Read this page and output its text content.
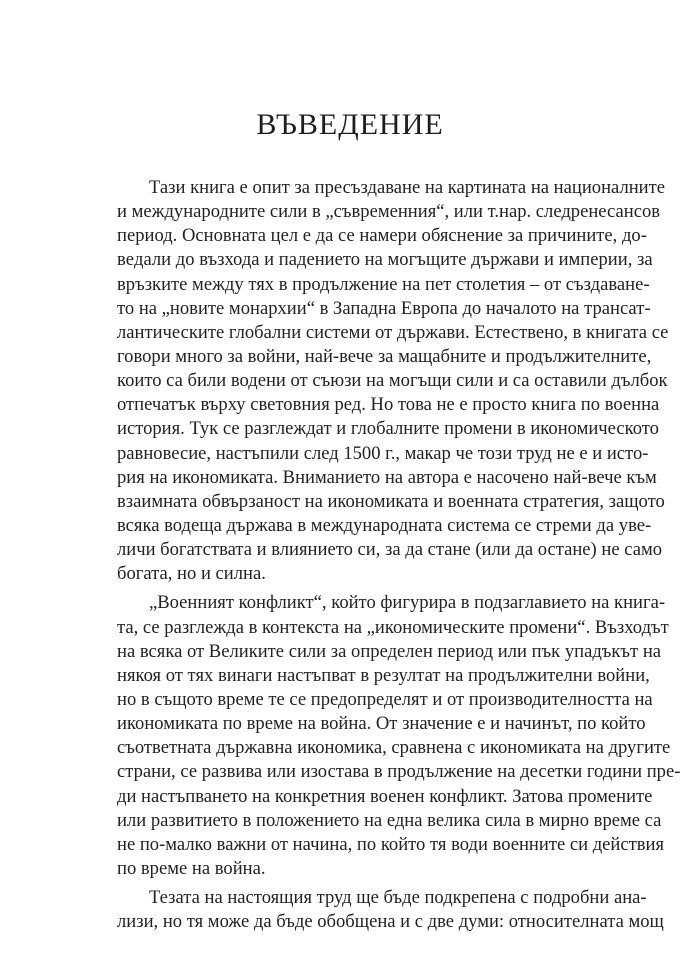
ВЪВЕДЕНИЕ
Тази книга е опит за пресъздаване на картината на националните
и международните сили в „съвременния“, или т.нар. следренесансов
период. Основната цел е да се намери обяснение за причините, до-
вeдали до възхода и падението на могъщите държави и империи, за
връзките между тях в продължение на пет столетия – от създаване-
то на „новите монархии“ в Западна Европа до началото на трансат-
лантическите глобални системи от държави. Естествено, в книгата се
говори много за войни, най-вече за мащабните и продължителните,
които са били водени от съюзи на могъщи сили и са оставили дълбок
отпечатък върху световния ред. Но това не е просто книга по военна
история. Тук се разглеждат и глобалните промени в икономическото
равновесие, настъпили след 1500 г., макар че този труд не е и исто-
рия на икономиката. Вниманието на автора е насочено най-вече към
взаимната обвързаност на икономиката и военната стратегия, защото
всяка водеща държава в международната система се стреми да уве-
личи богатствата и влиянието си, за да стане (или да остане) не само
богата, но и силна.
„Военният конфликт“, който фигурира в подзаглавието на книга-
та, се разглежда в контекста на „икономическите промени“. Възходът
на всяка от Великите сили за определен период или пък упадъкът на
някоя от тях винаги настъпват в резултат на продължителни войни,
но в същото време те се предопределят и от производителността на
икономиката по време на война. От значение е и начинът, по който
съответната държавна икономика, сравнена с икономиката на другите
страни, се развива или изостава в продължение на десетки години пре-
ди настъпването на конкретния военен конфликт. Затова промените
или развитието в положението на една велика сила в мирно време са
не по-малко важни от начина, по който тя води военните си действия
по време на война.
Тезата на настоящия труд ще бъде подкрепена с подробни ана-
лизи, но тя може да бъде обобщена и с две думи: относителната мощ
